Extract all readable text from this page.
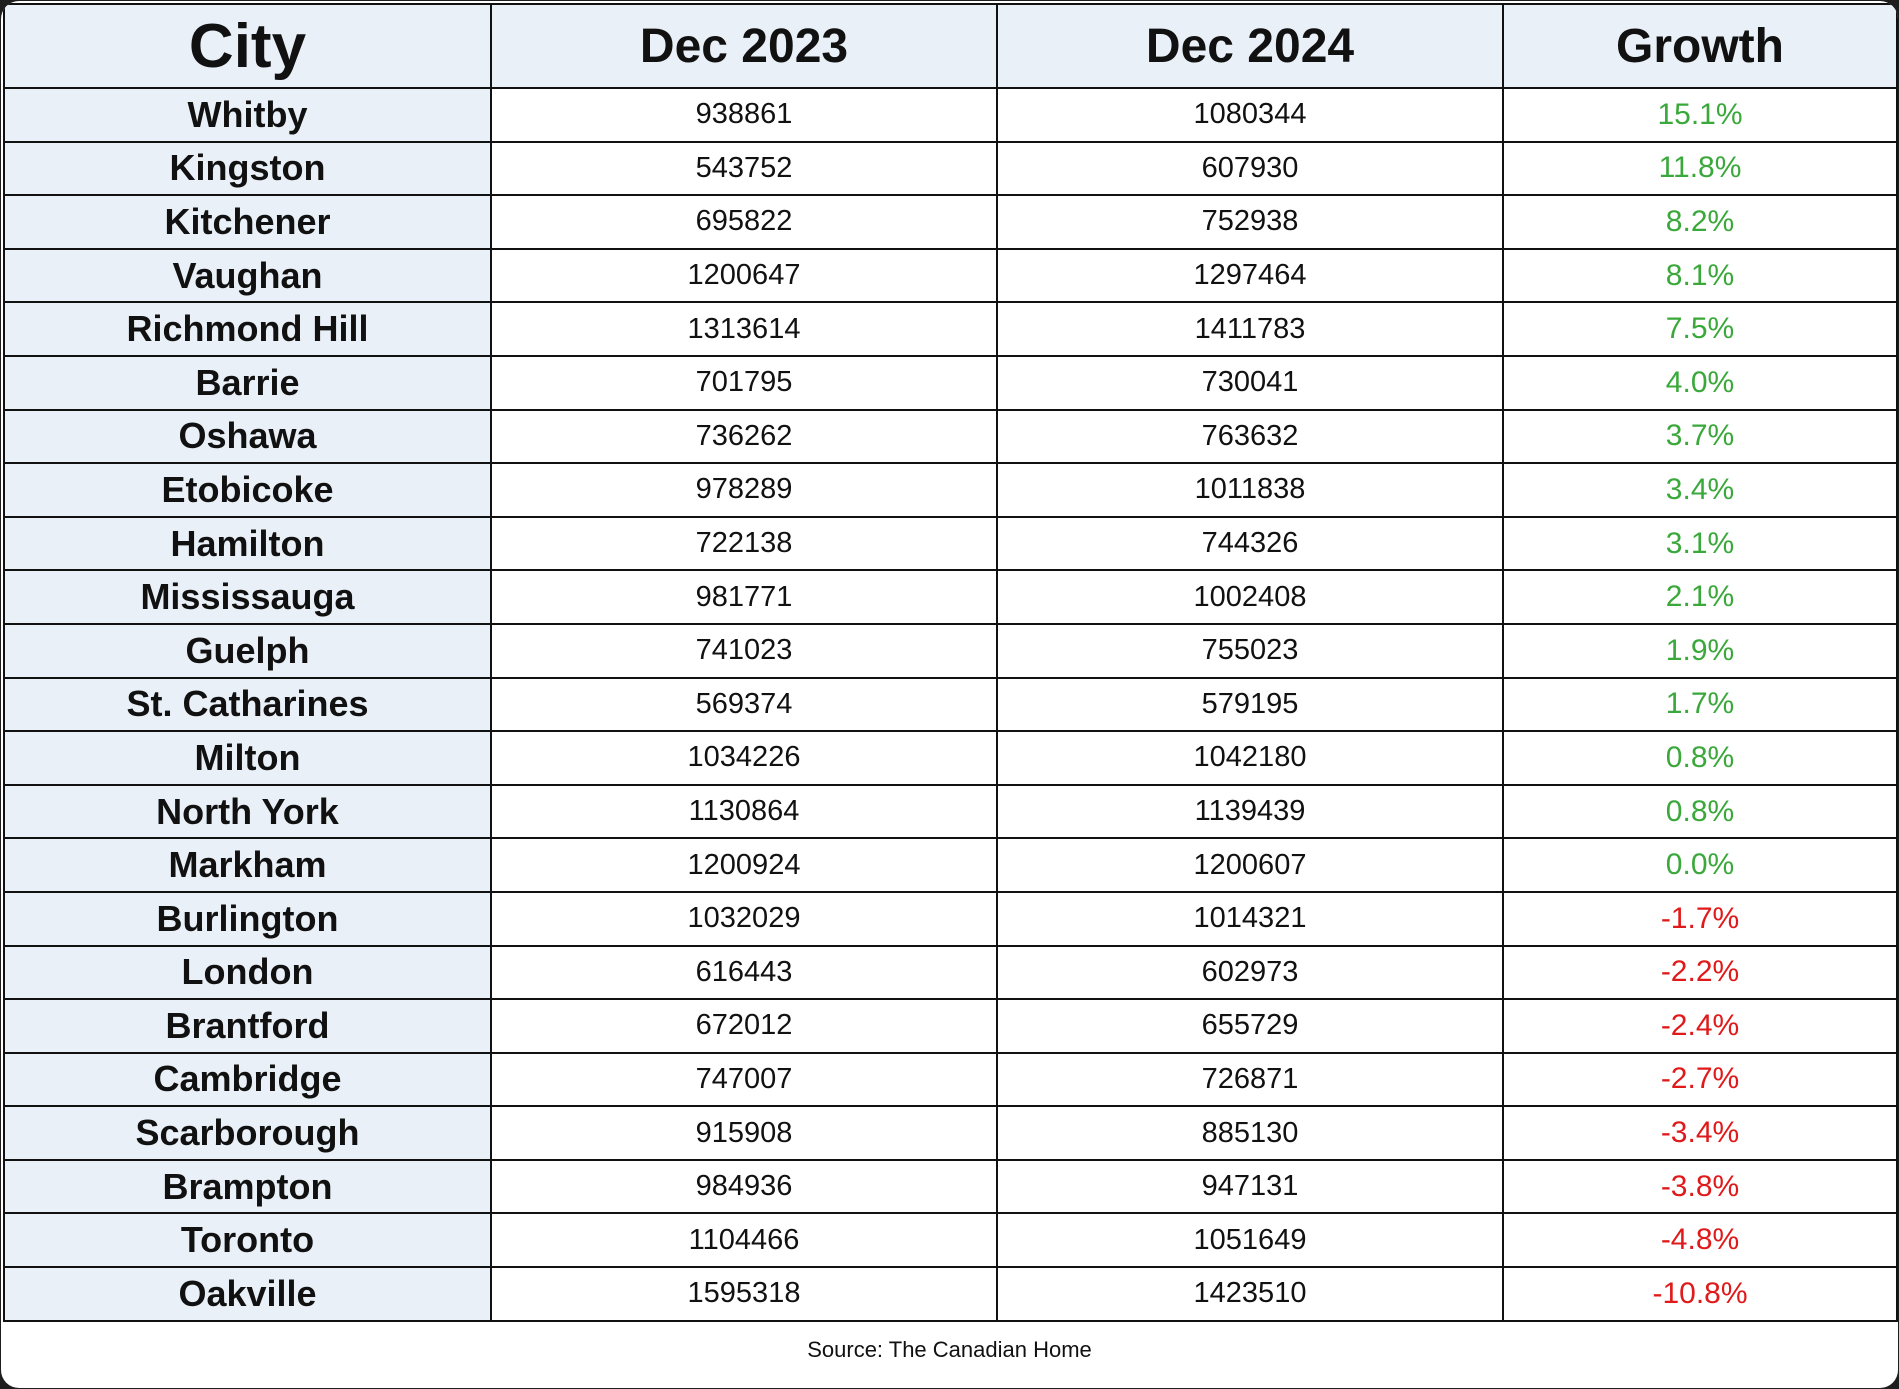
City	Dec 2023	Dec 2024	Growth
Whitby	938861	1080344	15.1%
Kingston	543752	607930	11.8%
Kitchener	695822	752938	8.2%
Vaughan	1200647	1297464	8.1%
Richmond Hill	1313614	1411783	7.5%
Barrie	701795	730041	4.0%
Oshawa	736262	763632	3.7%
Etobicoke	978289	1011838	3.4%
Hamilton	722138	744326	3.1%
Mississauga	981771	1002408	2.1%
Guelph	741023	755023	1.9%
St. Catharines	569374	579195	1.7%
Milton	1034226	1042180	0.8%
North York	1130864	1139439	0.8%
Markham	1200924	1200607	0.0%
Burlington	1032029	1014321	-1.7%
London	616443	602973	-2.2%
Brantford	672012	655729	-2.4%
Cambridge	747007	726871	-2.7%
Scarborough	915908	885130	-3.4%
Brampton	984936	947131	-3.8%
Toronto	1104466	1051649	-4.8%
Oakville	1595318	1423510	-10.8%
Source: The Canadian Home
